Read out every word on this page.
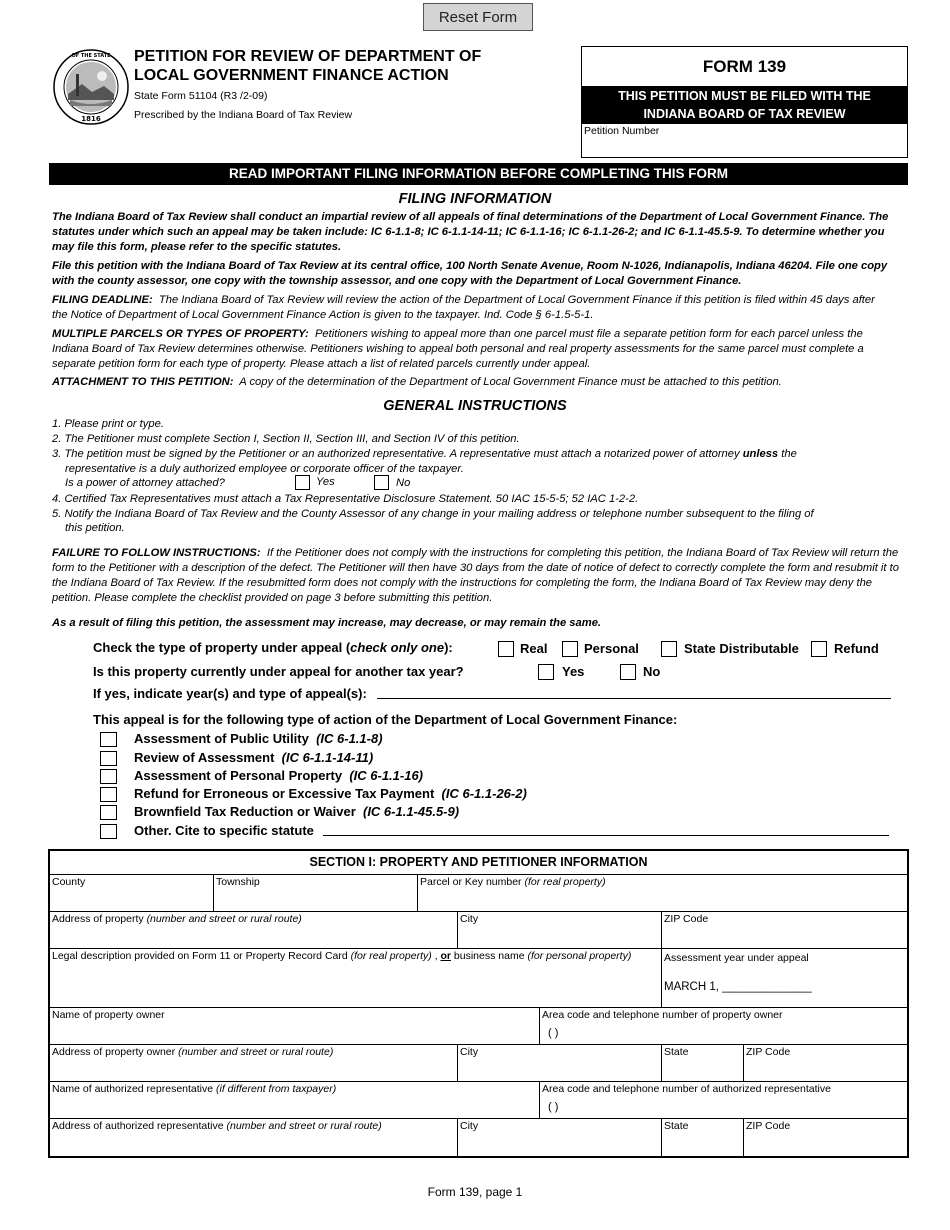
Reset Form
1816
OF THE STATE PETITION FOR REVIEW OF DEPARTMENT OF
LOCAL GOVERNMENT FINANCE ACTION
State Form 51104 (R3 /2-09)
Prescribed by the Indiana Board of Tax Review
FORM 139
THIS PETITION MUST BE FILED WITH THE
INDIANA BOARD OF TAX REVIEW
Petition Number
READ IMPORTANT FILING INFORMATION BEFORE COMPLETING THIS FORM
FILING INFORMATION
The Indiana Board of Tax Review shall conduct an impartial review of all appeals of final determinations of the Department of Local Government Finance. The statutes under which such an appeal may be taken include: IC 6-1.1-8; IC 6-1.1-14-11; IC 6-1.1-16; IC 6-1.1-26-2; and IC 6-1.1-45.5-9. To determine whether you may file this form, please refer to the specific statutes.
File this petition with the Indiana Board of Tax Review at its central office, 100 North Senate Avenue, Room N-1026, Indianapolis, Indiana 46204. File one copy with the county assessor, one copy with the township assessor, and one copy with the Department of Local Government Finance.
FILING DEADLINE: The Indiana Board of Tax Review will review the action of the Department of Local Government Finance if this petition is filed within 45 days after the Notice of Department of Local Government Finance Action is given to the taxpayer. Ind. Code § 6-1.5-5-1.
MULTIPLE PARCELS OR TYPES OF PROPERTY: Petitioners wishing to appeal more than one parcel must file a separate petition form for each parcel unless the Indiana Board of Tax Review determines otherwise. Petitioners wishing to appeal both personal and real property assessments for the same parcel must complete a separate petition form for each type of property. Please attach a list of related parcels currently under appeal.
ATTACHMENT TO THIS PETITION: A copy of the determination of the Department of Local Government Finance must be attached to this petition.
GENERAL INSTRUCTIONS
1. Please print or type.
2. The Petitioner must complete Section I, Section II, Section III, and Section IV of this petition.
3. The petition must be signed by the Petitioner or an authorized representative. A representative must attach a notarized power of attorney unless the
representative is a duly authorized employee or corporate officer of the taxpayer.
Is a power of attorney attached?	Yes	No
4. Certified Tax Representatives must attach a Tax Representative Disclosure Statement. 50 IAC 15-5-5; 52 IAC 1-2-2.
5. Notify the Indiana Board of Tax Review and the County Assessor of any change in your mailing address or telephone number subsequent to the filing of
this petition.
FAILURE TO FOLLOW INSTRUCTIONS: If the Petitioner does not comply with the instructions for completing this petition, the Indiana Board of Tax Review will return the form to the Petitioner with a description of the defect. The Petitioner will then have 30 days from the date of notice of defect to correctly complete the form and resubmit it to the Indiana Board of Tax Review. If the resubmitted form does not comply with the instructions for completing the form, the Indiana Board of Tax Review may deny the petition. Please complete the checklist provided on page 3 before submitting this petition.
As a result of filing this petition, the assessment may increase, may decrease, or may remain the same.
Check the type of property under appeal (check only one):	Real	Personal	State Distributable	Refund
Is this property currently under appeal for another tax year?	Yes	No
If yes, indicate year(s) and type of appeal(s):
This appeal is for the following type of action of the Department of Local Government Finance:
Assessment of Public Utility (IC 6-1.1-8)
Review of Assessment (IC 6-1.1-14-11)
Assessment of Personal Property (IC 6-1.1-16)
Refund for Erroneous or Excessive Tax Payment (IC 6-1.1-26-2)
Brownfield Tax Reduction or Waiver (IC 6-1.1-45.5-9)
Other. Cite to specific statute
SECTION I: PROPERTY AND PETITIONER INFORMATION
County	Township	Parcel or Key number (for real property)
Address of property (number and street or rural route)	City	ZIP Code
Legal description provided on Form 11 or Property Record Card (for real property) , or business name (for personal property)	Assessment year under appeal
MARCH 1, ______________
Name of property owner	Area code and telephone number of property owner
( )
Address of property owner (number and street or rural route)	City	State	ZIP Code
Name of authorized representative (if different from taxpayer)	Area code and telephone number of authorized representative
( )
Address of authorized representative (number and street or rural route)	City	State	ZIP Code
Form 139, page 1
